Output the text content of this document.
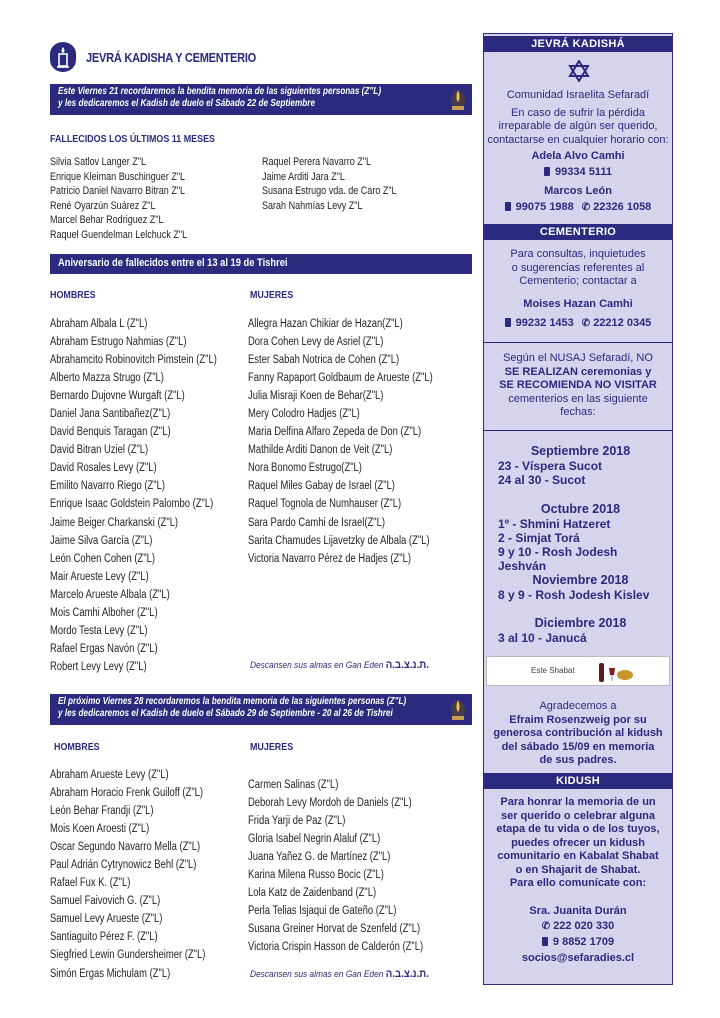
JEVRÁ KADISHA Y CEMENTERIO
Este Viernes 21 recordaremos la bendita memoria de las siguientes personas (Z"L)
y les dedicaremos el Kadish de duelo el Sábado 22 de Septiembre
FALLECIDOS LOS ÚLTIMOS 11 MESES
Silvia Satlov Langer Z"L
Enrique Kleiman Buschinguer Z"L
Patricio Daniel Navarro Bitran Z"L
René Oyarzún Suárez Z"L
Marcel Behar Rodriguez Z"L
Raquel Guendelman Lelchuck Z"L
Raquel Perera Navarro Z"L
Jaime Arditi Jara Z"L
Susana Estrugo vda. de Caro Z"L
Sarah Nahmías Levy Z"L
Aniversario de fallecidos entre el 13 al 19 de Tishrei
HOMBRES	MUJERES
Abraham Albala L (Z"L)
Abraham Estrugo Nahmias (Z"L)
Abrahamcito Robinovitch Pimstein (Z"L)
Alberto Mazza Strugo (Z"L)
Bernardo Dujovne Wurgaft (Z"L)
Daniel Jana Santibañez(Z"L)
David Benquis Taragan (Z"L)
David Bitran Uziel (Z"L)
David Rosales Levy (Z"L)
Emilito Navarro Riego (Z"L)
Enrique Isaac Goldstein Palombo (Z"L)
Jaime Beiger Charkanski (Z"L)
Jaime Silva García (Z"L)
León Cohen Cohen (Z"L)
Mair Arueste Levy (Z"L)
Marcelo Arueste Albala (Z"L)
Mois Camhi Alboher (Z"L)
Mordo Testa Levy (Z"L)
Rafael Ergas Navón (Z"L)
Robert Levy Levy (Z"L)
Allegra Hazan Chikiar de Hazan(Z"L)
Dora Cohen Levy de Asriel (Z"L)
Ester Sabah Notrica de Cohen (Z"L)
Fanny Rapaport Goldbaum de Arueste (Z"L)
Julia Misraji Koen de Behar(Z"L)
Mery Colodro Hadjes (Z"L)
Maria Delfina Alfaro Zepeda de Don (Z"L)
Mathilde Arditi Danon de Veit (Z"L)
Nora Bonomo Estrugo(Z"L)
Raquel Miles Gabay de Israel (Z"L)
Raquel Tognola de Numhauser (Z"L)
Sara Pardo Camhi de Israel(Z"L)
Sarita Chamudes Lijavetzky de Albala (Z"L)
Victoria Navarro Pérez de Hadjes (Z"L)
Descansen sus almas en Gan Eden ת.נ.צ.ב.ה.
El próximo Viernes 28 recordaremos la bendita memoria de las siguientes personas (Z"L)
y les dedicaremos el Kadish de duelo el Sábado 29 de Septiembre - 20 al 26 de Tishrei
HOMBRES	MUJERES
Abraham Arueste Levy (Z"L)
Abraham Horacio Frenk Guiloff (Z"L)
León Behar Frandji (Z"L)
Mois Koen Aroesti (Z"L)
Oscar Segundo Navarro Mella (Z"L)
Paul Adrián Cytrynowicz Behl (Z"L)
Rafael Fux K. (Z"L)
Samuel Faivovich G. (Z"L)
Samuel Levy Arueste (Z"L)
Santiaguito Pérez F. (Z"L)
Siegfried Lewin Gundersheimer (Z"L)
Simón Ergas Michulam (Z"L)
Carmen Salinas (Z"L)
Deborah Levy Mordoh de Daniels (Z"L)
Frida Yarji de Paz (Z"L)
Gloria Isabel Negrin Alaluf (Z"L)
Juana Yañez G. de Martínez (Z"L)
Karina Milena Russo Bocic (Z"L)
Lola Katz de Zaidenband (Z"L)
Perla Telias Isjaqui de Gateño (Z"L)
Susana Greiner Horvat de Szenfeld (Z"L)
Victoria Crispin Hasson de Calderón (Z"L)
Descansen sus almas en Gan Eden ת.נ.צ.ב.ה.
JEVRÁ KADISHÁ
Comunidad Israelita Sefaradí
En caso de sufrir la pérdida
irreparable de algún ser querido,
contactarse en cualquier horario con:
Adela Alvo Camhi
99334 5111
Marcos León
99075 1988 ✆ 22326 1058
CEMENTERIO
Para consultas, inquietudes
o sugerencias referentes al
Cementerio; contactar a
Moises Hazan Camhi
99232 1453 ✆ 22212 0345
Según el NUSAJ Sefaradí, NO
SE REALIZAN ceremonias y
SE RECOMIENDA NO VISITAR
cementerios en las siguiente
fechas:
Septiembre 2018
23 - Víspera Sucot
24 al 30 - Sucot
Octubre 2018
1º - Shmini Hatzeret
2 - Simjat Torá
9 y 10 - Rosh Jodesh Jeshván
Noviembre 2018
8 y 9 - Rosh Jodesh Kislev
Diciembre 2018
3 al 10 - Janucá
Este Shabat
Agradecemos a
Efraim Rosenzweig por su
generosa contribución al kidush
del sábado 15/09 en memoria
de sus padres.
KIDUSH
Para honrar la memoria de un
ser querido o celebrar alguna
etapa de tu vida o de los tuyos,
puedes ofrecer un kidush
comunitario en Kabalat Shabat
o en Shajarit de Shabat.
Para ello comunícate con:
Sra. Juanita Durán
✆ 222 020 330
9 8852 1709
socios@sefaradies.cl
